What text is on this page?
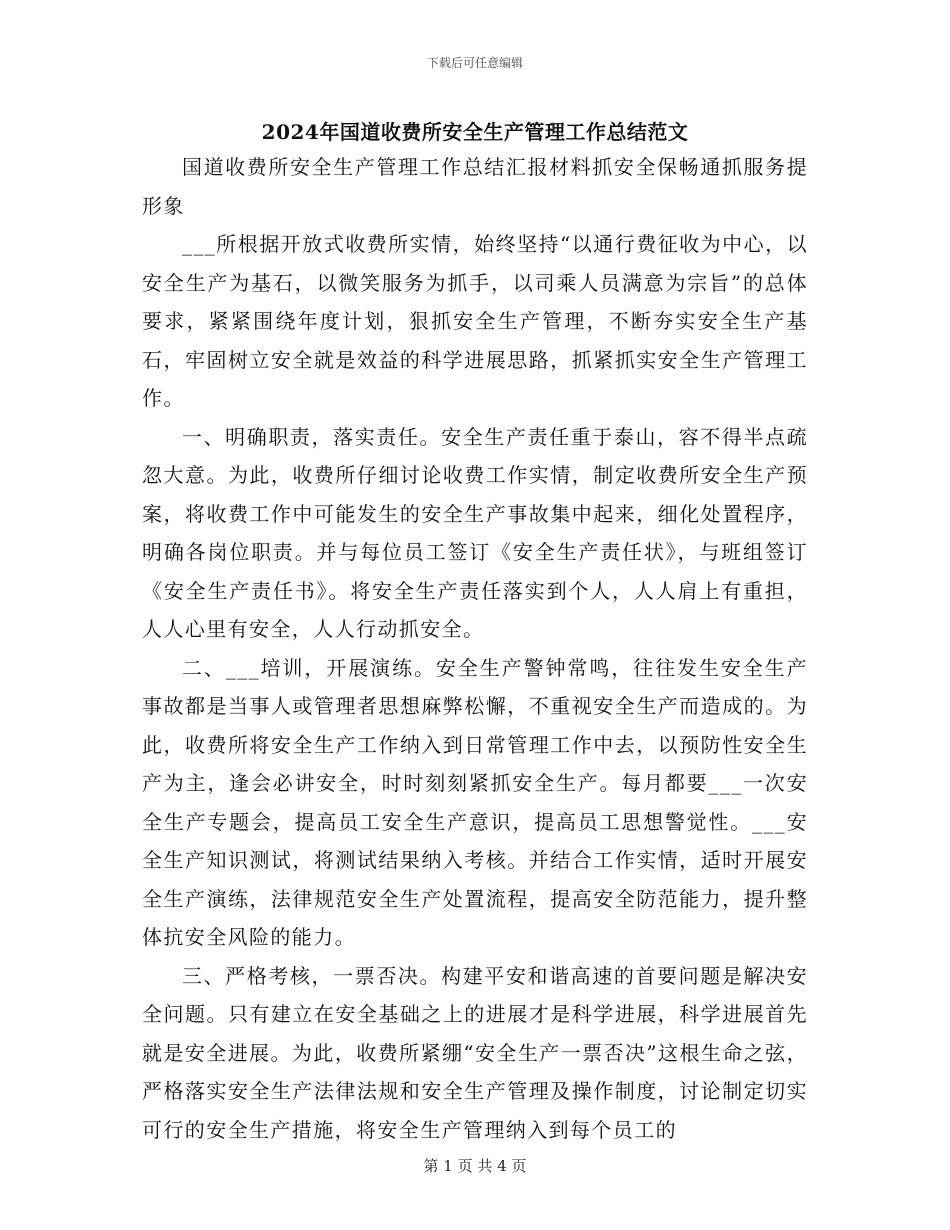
下载后可任意编辑
2024年国道收费所安全生产管理工作总结范文

国道收费所安全生产管理工作总结汇报材料抓安全保畅通抓服务提形象

___所根据开放式收费所实情，始终坚持“以通行费征收为中心，以安全生产为基石，以微笑服务为抓手，以司乘人员满意为宗旨”的总体要求，紧紧围绕年度计划，狠抓安全生产管理，不断夯实安全生产基石，牢固树立安全就是效益的科学进展思路，抓紧抓实安全生产管理工作。

一、明确职责，落实责任。安全生产责任重于泰山，容不得半点疏忽大意。为此，收费所仔细讨论收费工作实情，制定收费所安全生产预案，将收费工作中可能发生的安全生产事故集中起来，细化处置程序，明确各岗位职责。并与每位员工签订《安全生产责任状》，与班组签订《安全生产责任书》。将安全生产责任落实到个人，人人肩上有重担，人人心里有安全，人人行动抓安全。

二、___培训，开展演练。安全生产警钟常鸣，往往发生安全生产事故都是当事人或管理者思想麻弊松懈，不重视安全生产而造成的。为此，收费所将安全生产工作纳入到日常管理工作中去，以预防性安全生产为主，逢会必讲安全，时时刻刻紧抓安全生产。每月都要___一次安全生产专题会，提高员工安全生产意识，提高员工思想警觉性。___安全生产知识测试，将测试结果纳入考核。并结合工作实情，适时开展安全生产演练，法律规范安全生产处置流程，提高安全防范能力，提升整体抗安全风险的能力。

三、严格考核，一票否决。构建平安和谐高速的首要问题是解决安全问题。只有建立在安全基础之上的进展才是科学进展，科学进展首先就是安全进展。为此，收费所紧绷“安全生产一票否决”这根生命之弦，严格落实安全生产法律法规和安全生产管理及操作制度，讨论制定切实可行的安全生产措施，将安全生产管理纳入到每个员工的

第 1 页 共 4 页
